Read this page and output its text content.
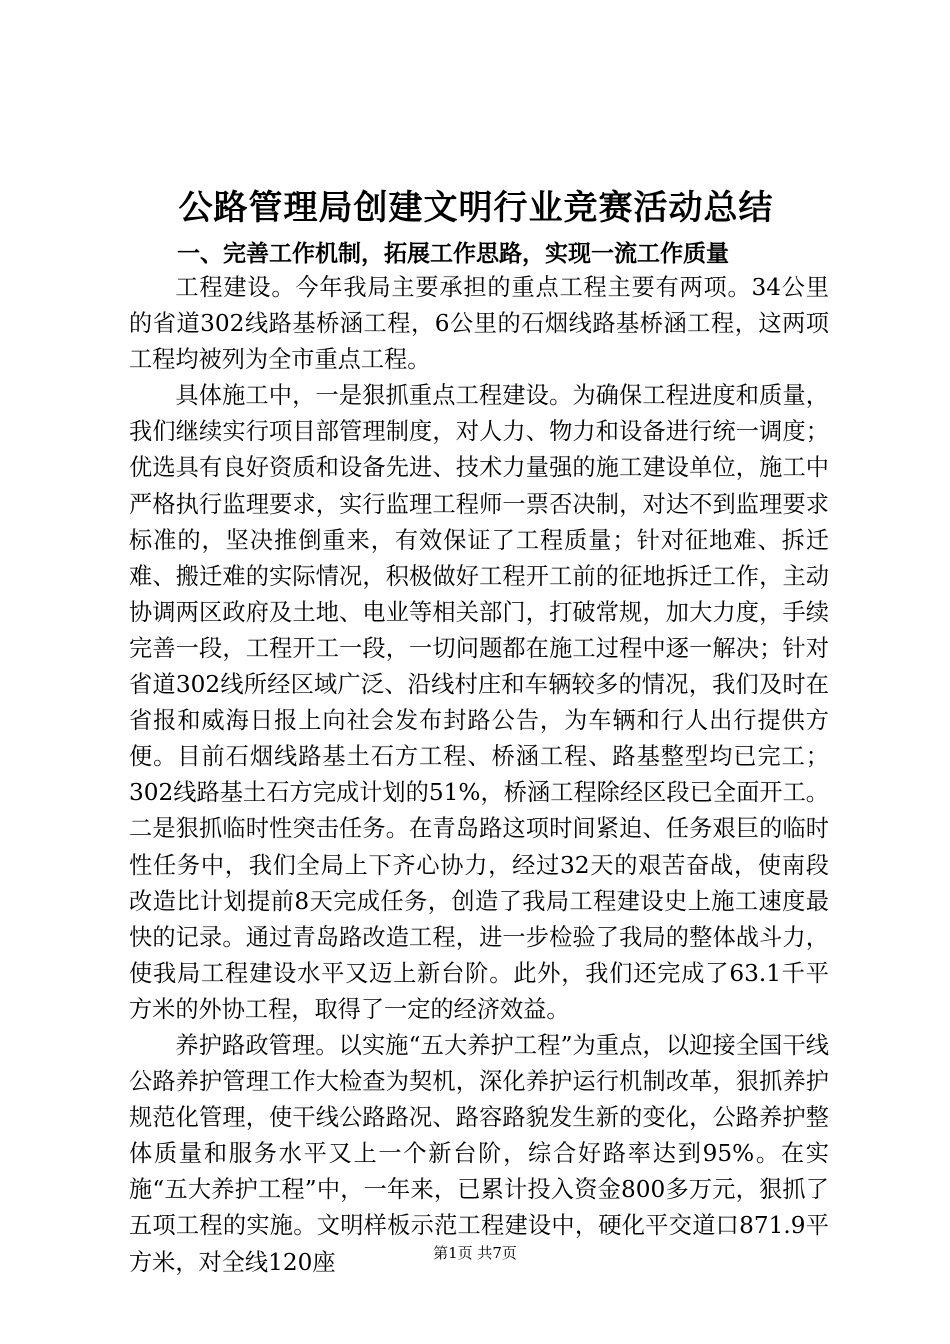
公路管理局创建文明行业竞赛活动总结
一、完善工作机制，拓展工作思路，实现一流工作质量

工程建设。今年我局主要承担的重点工程主要有两项。34公里的省道302线路基桥涵工程，6公里的石烟线路基桥涵工程，这两项工程均被列为全市重点工程。

具体施工中，一是狠抓重点工程建设。为确保工程进度和质量，我们继续实行项目部管理制度，对人力、物力和设备进行统一调度；优选具有良好资质和设备先进、技术力量强的施工建设单位，施工中严格执行监理要求，实行监理工程师一票否决制，对达不到监理要求标准的，坚决推倒重来，有效保证了工程质量；针对征地难、拆迁难、搬迁难的实际情况，积极做好工程开工前的征地拆迁工作，主动协调两区政府及土地、电业等相关部门，打破常规，加大力度，手续完善一段，工程开工一段，一切问题都在施工过程中逐一解决；针对省道302线所经区域广泛、沿线村庄和车辆较多的情况，我们及时在省报和威海日报上向社会发布封路公告，为车辆和行人出行提供方便。目前石烟线路基土石方工程、桥涵工程、路基整型均已完工；302线路基土石方完成计划的51%，桥涵工程除经区段已全面开工。二是狠抓临时性突击任务。在青岛路这项时间紧迫、任务艰巨的临时性任务中，我们全局上下齐心协力，经过32天的艰苦奋战，使南段改造比计划提前8天完成任务，创造了我局工程建设史上施工速度最快的记录。通过青岛路改造工程，进一步检验了我局的整体战斗力，使我局工程建设水平又迈上新台阶。此外，我们还完成了63.1千平方米的外协工程，取得了一定的经济效益。

养护路政管理。以实施“五大养护工程”为重点，以迎接全国干线公路养护管理工作大检查为契机，深化养护运行机制改革，狠抓养护规范化管理，使干线公路路况、路容路貌发生新的变化，公路养护整体质量和服务水平又上一个新台阶，综合好路率达到95%。在实施“五大养护工程”中，一年来，已累计投入资金800多万元，狠抓了五项工程的实施。文明样板示范工程建设中，硬化平交道口871.9平方米，对全线120座	第1页 共7页
